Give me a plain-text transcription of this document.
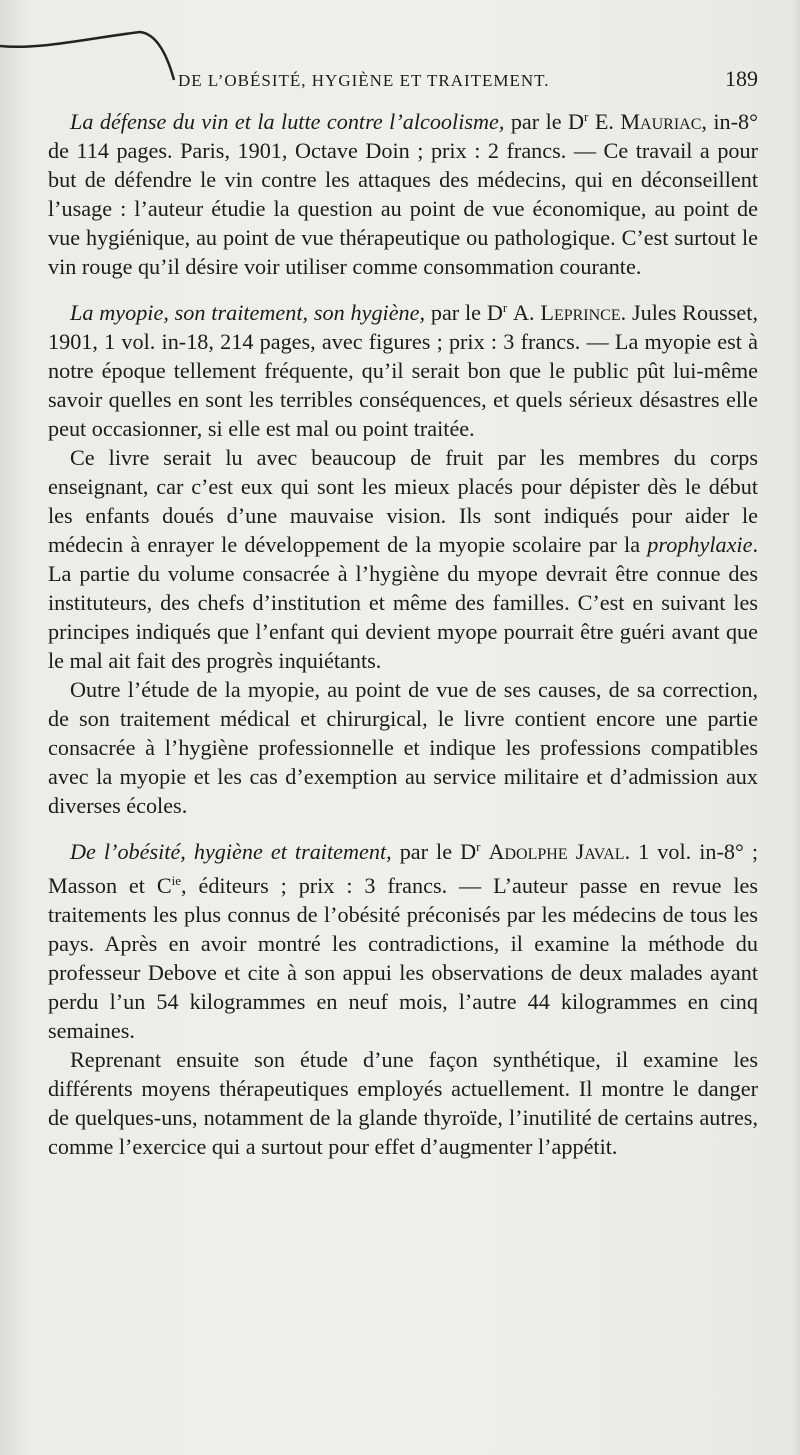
DE L’OBÉSITÉ, HYGIÈNE ET TRAITEMENT.	189

La défense du vin et la lutte contre l’alcoolisme, par le $D^r$ E. Mauriac, in-8° de 114 pages. Paris, 1901, Octave Doin ; prix : 2 francs. — Ce travail a pour but de défendre le vin contre les attaques des médecins, qui en déconseillent l’usage : l’auteur étudie la question au point de vue économique, au point de vue hygiénique, au point de vue thérapeutique ou pathologique. C’est surtout le vin rouge qu’il désire voir utiliser comme consommation courante.

La myopie, son traitement, son hygiène, par le $D^r$ A. Leprince. Jules Rousset, 1901, 1 vol. in-18, 214 pages, avec figures ; prix : 3 francs. — La myopie est à notre époque tellement fréquente, qu’il serait bon que le public pût lui-même savoir quelles en sont les terribles conséquences, et quels sérieux désastres elle peut occasionner, si elle est mal ou point traitée.

Ce livre serait lu avec beaucoup de fruit par les membres du corps enseignant, car c’est eux qui sont les mieux placés pour dépister dès le début les enfants doués d’une mauvaise vision. Ils sont indiqués pour aider le médecin à enrayer le développement de la myopie scolaire par la prophylaxie. La partie du volume consacrée à l’hygiène du myope devrait être connue des instituteurs, des chefs d’institution et même des familles. C’est en suivant les principes indiqués que l’enfant qui devient myope pourrait être guéri avant que le mal ait fait des progrès inquiétants.

Outre l’étude de la myopie, au point de vue de ses causes, de sa correction, de son traitement médical et chirurgical, le livre contient encore une partie consacrée à l’hygiène professionnelle et indique les professions compatibles avec la myopie et les cas d’exemption au service militaire et d’admission aux diverses écoles.

De l’obésité, hygiène et traitement, par le $D^r$ Adolphe Javal. 1 vol. in-8° ; Masson et $C^{ie}$, éditeurs ; prix : 3 francs. — L’auteur passe en revue les traitements les plus connus de l’obésité préconisés par les médecins de tous les pays. Après en avoir montré les contradictions, il examine la méthode du professeur Debove et cite à son appui les observations de deux malades ayant perdu l’un 54 kilogrammes en neuf mois, l’autre 44 kilogrammes en cinq semaines.

Reprenant ensuite son étude d’une façon synthétique, il examine les différents moyens thérapeutiques employés actuellement. Il montre le danger de quelques-uns, notamment de la glande thyroïde, l’inutilité de certains autres, comme l’exercice qui a surtout pour effet d’augmenter l’appétit.
